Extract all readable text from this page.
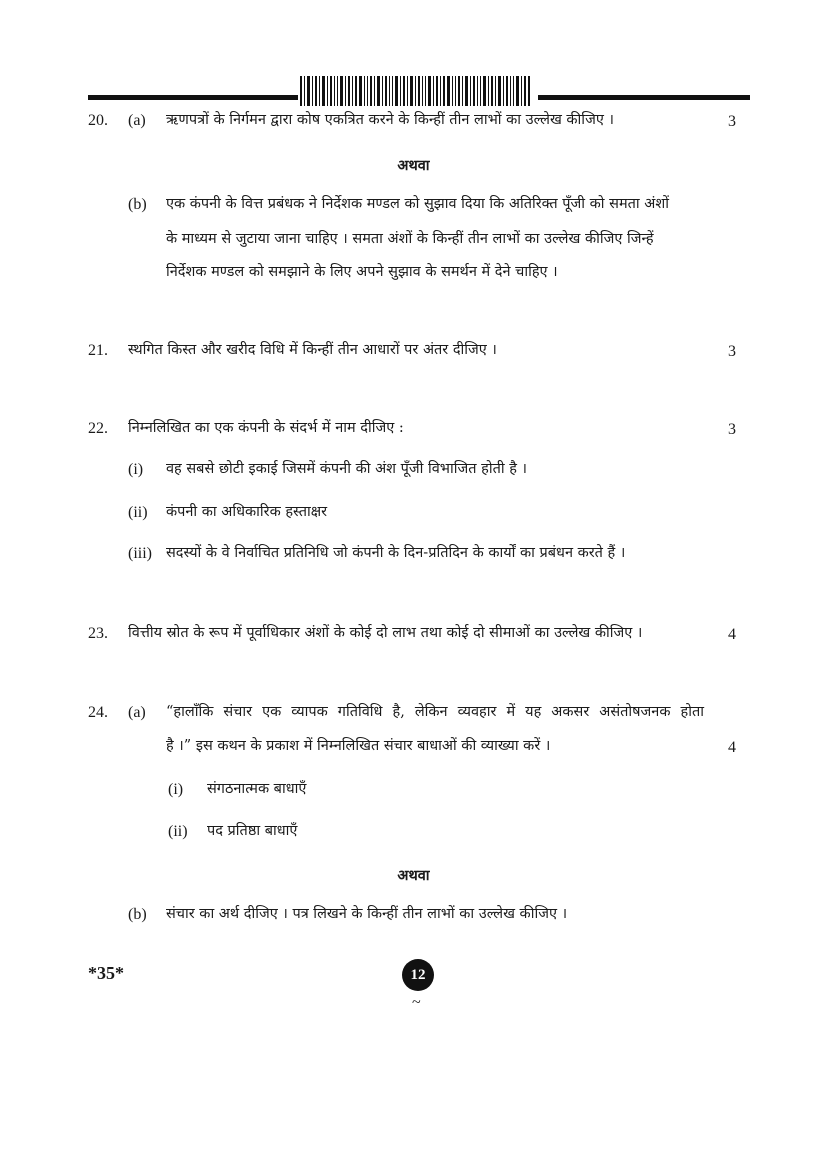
20. (a) ऋणपत्रों के निर्गमन द्वारा कोष एकत्रित करने के किन्हीं तीन लाभों का उल्लेख कीजिए ।	3
अथवा
(b) एक कंपनी के वित्त प्रबंधक ने निर्देशक मण्डल को सुझाव दिया कि अतिरिक्त पूँजी को समता अंशों
के माध्यम से जुटाया जाना चाहिए । समता अंशों के किन्हीं तीन लाभों का उल्लेख कीजिए जिन्हें
निर्देशक मण्डल को समझाने के लिए अपने सुझाव के समर्थन में देने चाहिए ।
21. स्थगित किस्त और खरीद विधि में किन्हीं तीन आधारों पर अंतर दीजिए ।	3
22. निम्नलिखित का एक कंपनी के संदर्भ में नाम दीजिए :	3
(i) वह सबसे छोटी इकाई जिसमें कंपनी की अंश पूँजी विभाजित होती है ।
(ii) कंपनी का अधिकारिक हस्ताक्षर
(iii) सदस्यों के वे निर्वाचित प्रतिनिधि जो कंपनी के दिन-प्रतिदिन के कार्यों का प्रबंधन करते हैं ।
23. वित्तीय स्रोत के रूप में पूर्वाधिकार अंशों के कोई दो लाभ तथा कोई दो सीमाओं का उल्लेख कीजिए ।	4
24. (a) “हालाँकि संचार एक व्यापक गतिविधि है, लेकिन व्यवहार में यह अकसर असंतोषजनक होता
है ।” इस कथन के प्रकाश में निम्नलिखित संचार बाधाओं की व्याख्या करें ।	4
(i) संगठनात्मक बाधाएँ
(ii) पद प्रतिष्ठा बाधाएँ
अथवा
(b) संचार का अर्थ दीजिए । पत्र लिखने के किन्हीं तीन लाभों का उल्लेख कीजिए ।
*35*	12
~
